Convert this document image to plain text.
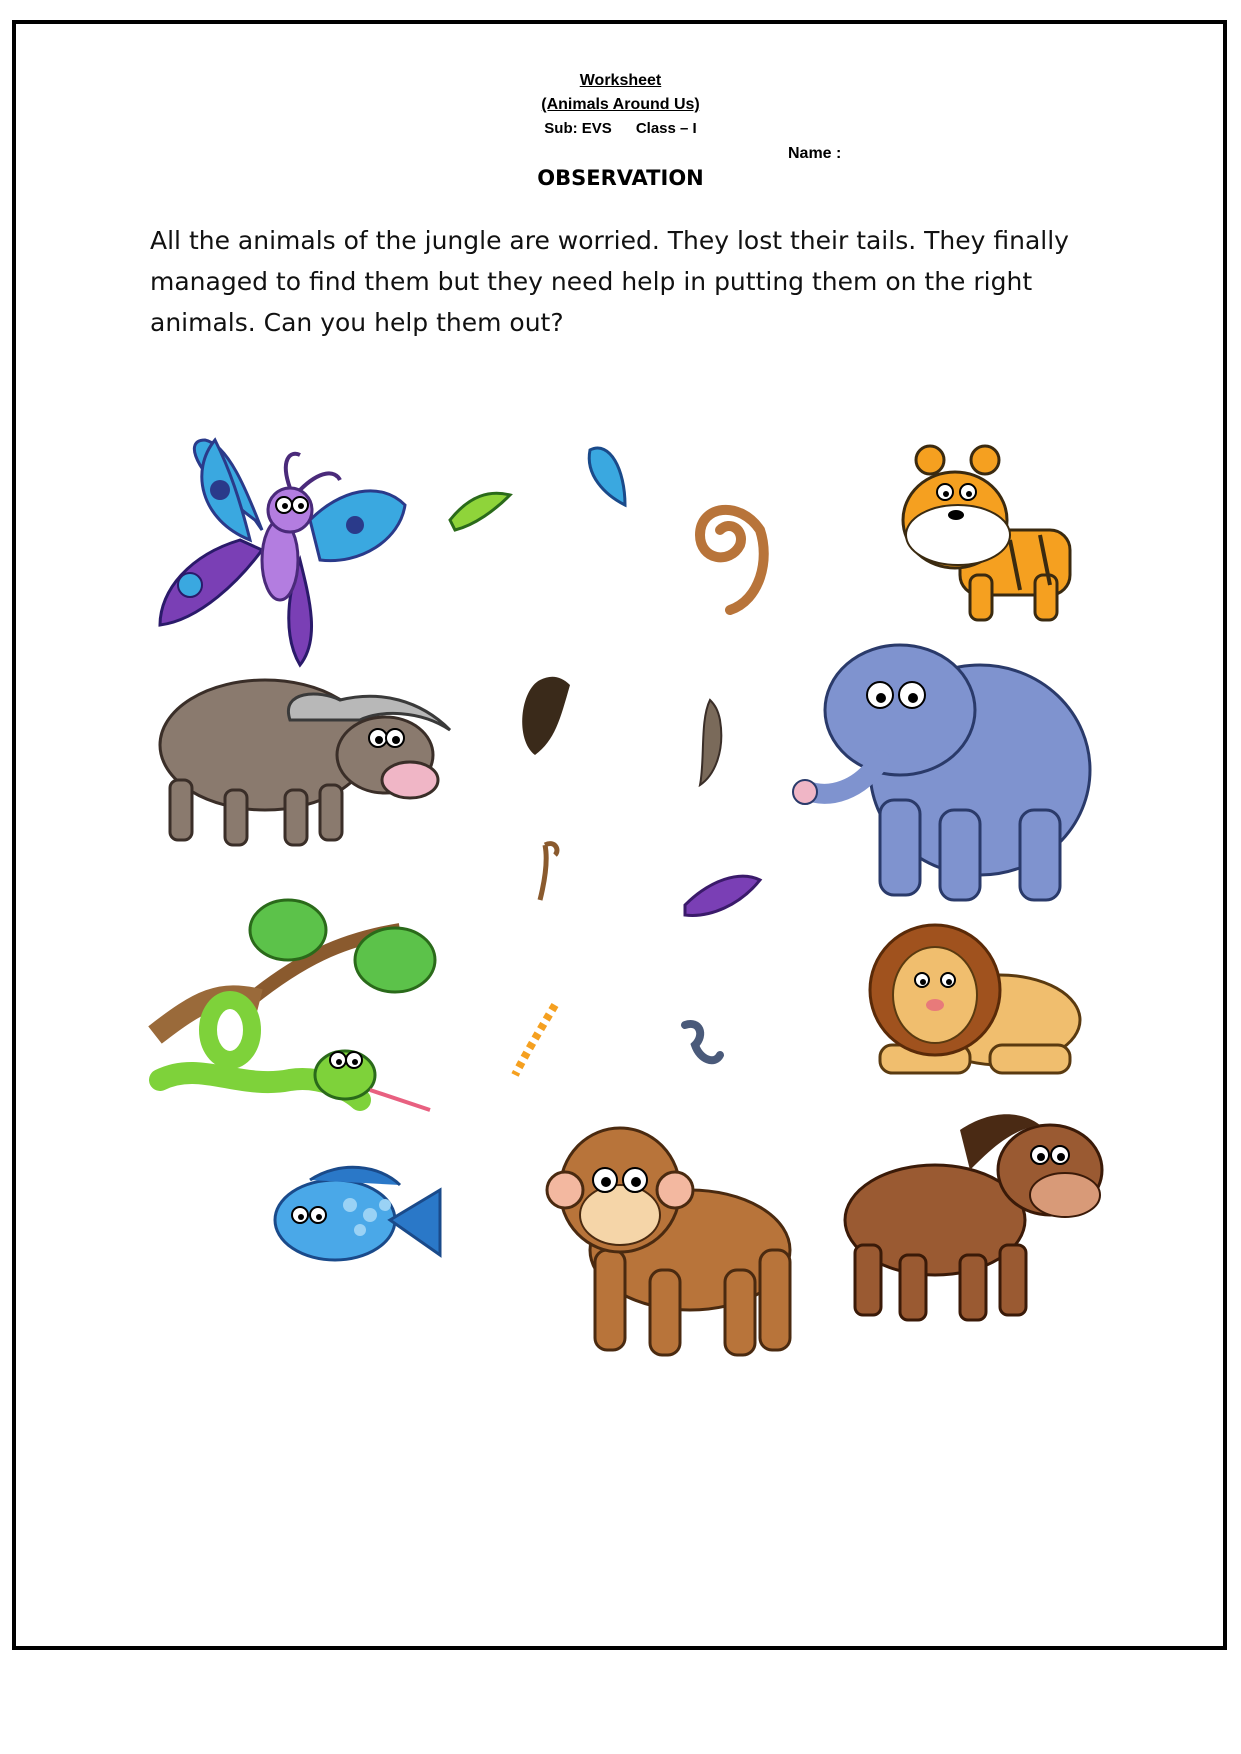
Worksheet
(Animals Around Us)
Sub: EVS Class – I
Name :
OBSERVATION
All the animals of the jungle are worried. They lost their tails. They finally managed to find them but they need help in putting them on the right animals. Can you help them out?
